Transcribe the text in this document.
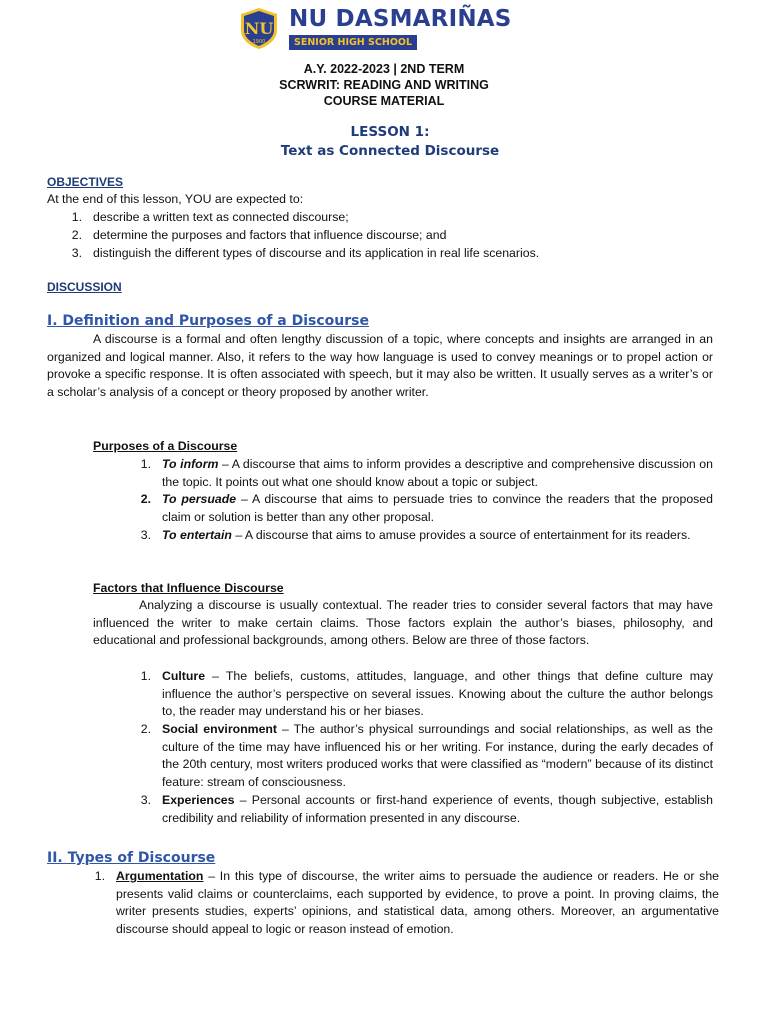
NU
1900
NU DASMARIÑAS
SENIOR HIGH SCHOOL
A.Y. 2022-2023 | 2ND TERM
SCRWRIT: READING AND WRITING
COURSE MATERIAL
LESSON 1:
Text as Connected Discourse
OBJECTIVES
At the end of this lesson, YOU are expected to:
1. describe a written text as connected discourse;
2. determine the purposes and factors that influence discourse; and
3. distinguish the different types of discourse and its application in real life scenarios.
DISCUSSION
I. Definition and Purposes of a Discourse
A discourse is a formal and often lengthy discussion of a topic, where concepts and insights are arranged in an organized and logical manner. Also, it refers to the way how language is used to convey meanings or to propel action or provoke a specific response. It is often associated with speech, but it may also be written. It usually serves as a writer’s or a scholar’s analysis of a concept or theory proposed by another writer.
Purposes of a Discourse
1. To inform – A discourse that aims to inform provides a descriptive and comprehensive discussion on the topic. It points out what one should know about a topic or subject.
2. To persuade – A discourse that aims to persuade tries to convince the readers that the proposed claim or solution is better than any other proposal.
3. To entertain – A discourse that aims to amuse provides a source of entertainment for its readers.
Factors that Influence Discourse
Analyzing a discourse is usually contextual. The reader tries to consider several factors that may have influenced the writer to make certain claims. Those factors explain the author’s biases, philosophy, and educational and professional backgrounds, among others. Below are three of those factors.
1. Culture – The beliefs, customs, attitudes, language, and other things that define culture may influence the author’s perspective on several issues. Knowing about the culture the author belongs to, the reader may understand his or her biases.
2. Social environment – The author’s physical surroundings and social relationships, as well as the culture of the time may have influenced his or her writing. For instance, during the early decades of the 20th century, most writers produced works that were classified as “modern” because of its distinct feature: stream of consciousness.
3. Experiences – Personal accounts or first-hand experience of events, though subjective, establish credibility and reliability of information presented in any discourse.
II. Types of Discourse
1. Argumentation – In this type of discourse, the writer aims to persuade the audience or readers. He or she presents valid claims or counterclaims, each supported by evidence, to prove a point. In proving claims, the writer presents studies, experts’ opinions, and statistical data, among others. Moreover, an argumentative discourse should appeal to logic or reason instead of emotion.
